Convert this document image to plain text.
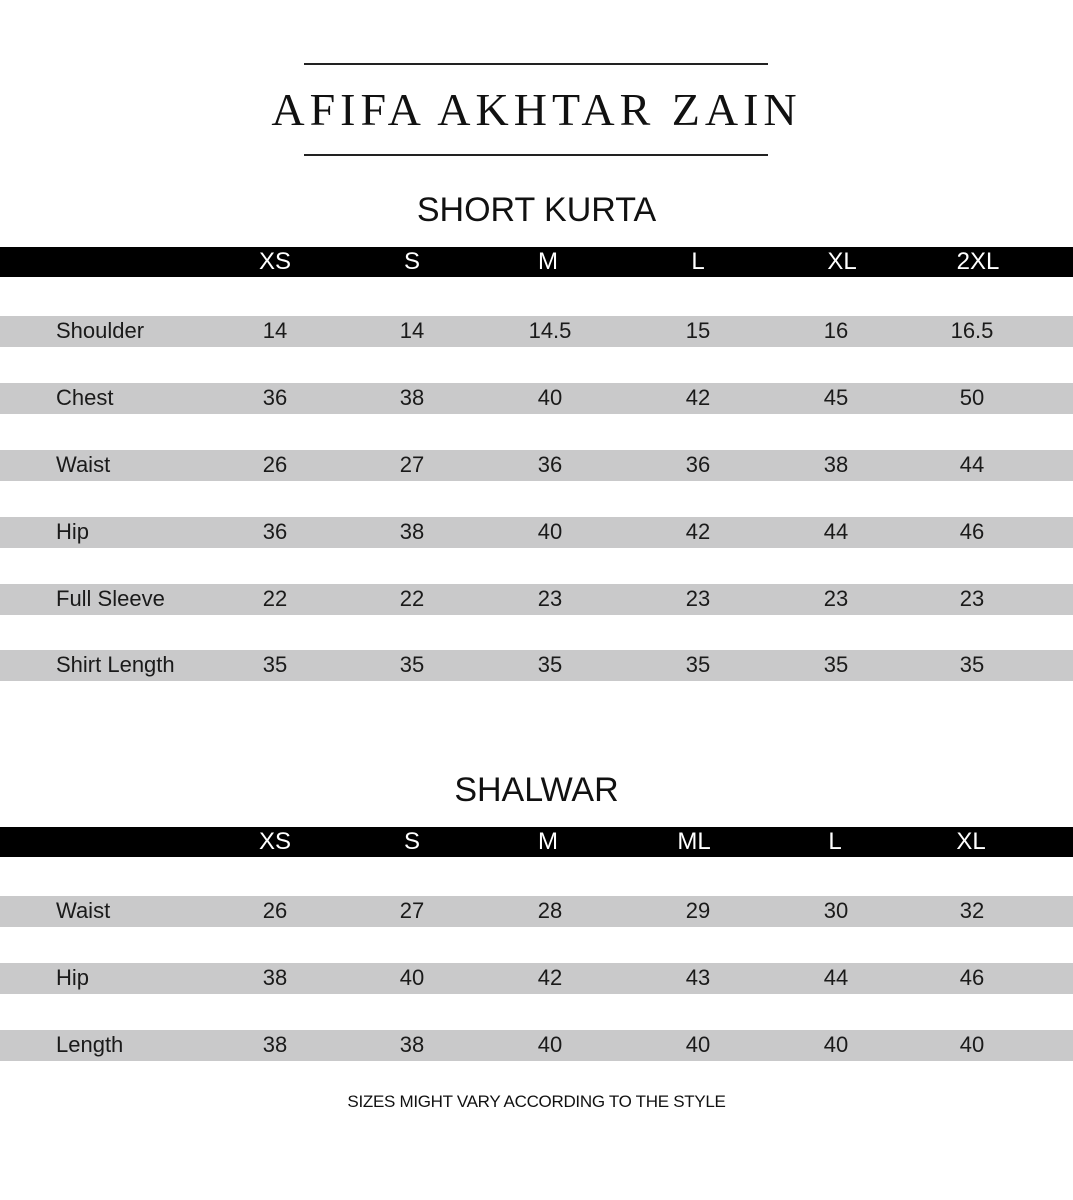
AFIFA AKHTAR ZAIN
SHORT KURTA
XS	S	M	L	XL	2XL
Shoulder	14	14	14.5	15	16	16.5
Chest	36	38	40	42	45	50
Waist	26	27	36	36	38	44
Hip	36	38	40	42	44	46
Full Sleeve	22	22	23	23	23	23
Shirt Length	35	35	35	35	35	35
SHALWAR
XS	S	M	ML	L	XL
Waist	26	27	28	29	30	32
Hip	38	40	42	43	44	46
Length	38	38	40	40	40	40
SIZES MIGHT VARY ACCORDING TO THE STYLE
